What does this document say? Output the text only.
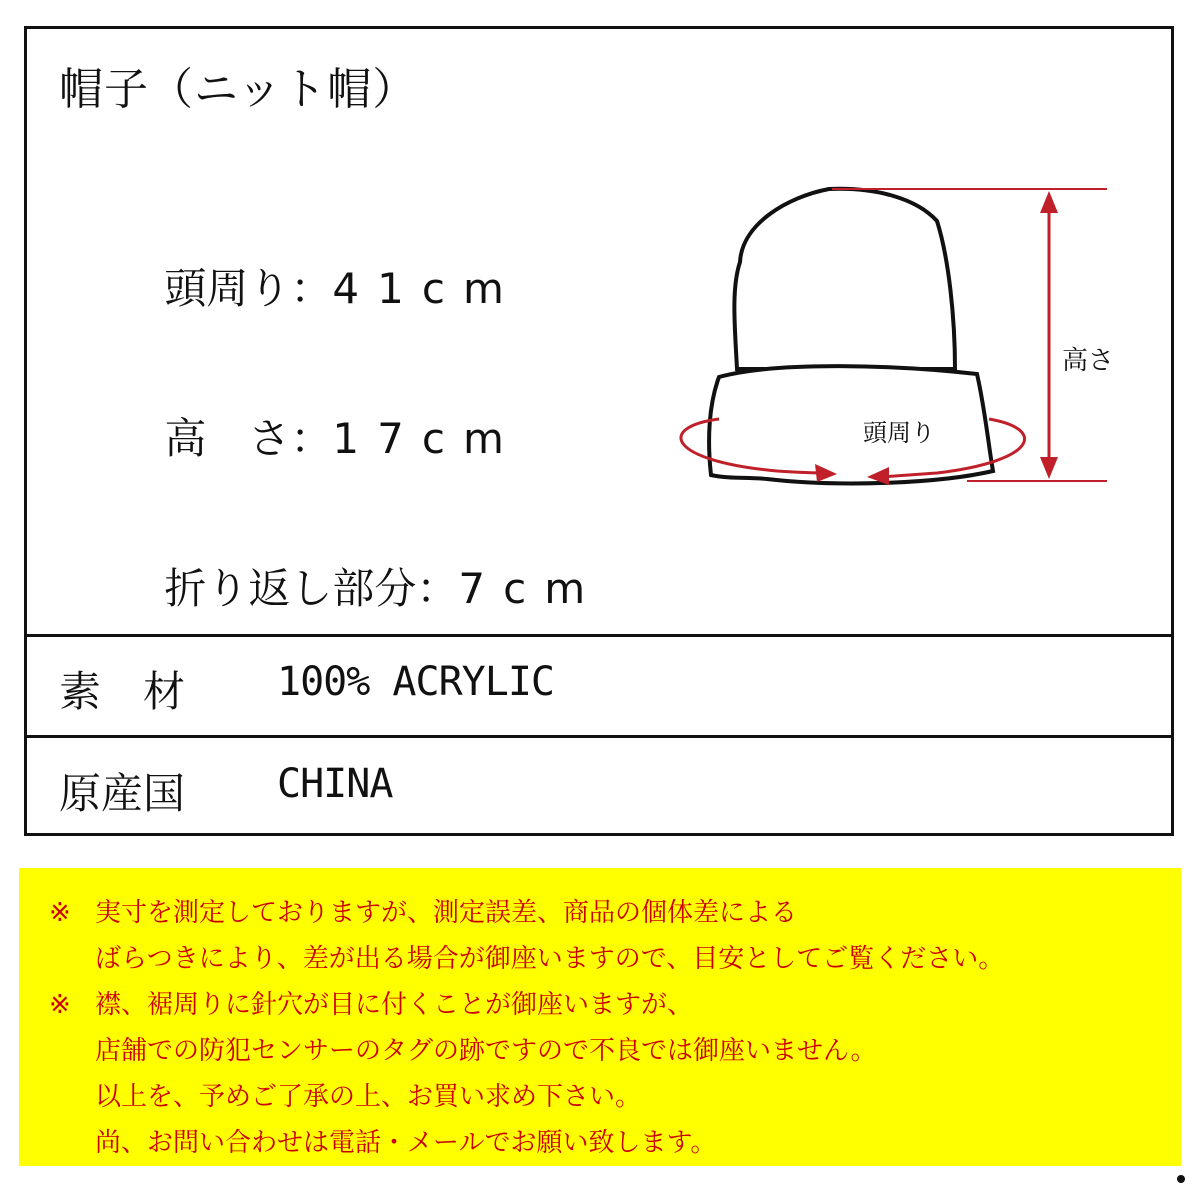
帽子（ニット帽）

頭周り：41cm

高　さ：17cm

折り返し部分：7cm

高さ
頭周り
素　材 100% ACRYLIC
原産国 CHINA
※ 実寸を測定しておりますが、測定誤差、商品の個体差による
ばらつきにより、差が出る場合が御座いますので、目安としてご覧ください。
※ 襟、裾周りに針穴が目に付くことが御座いますが、
店舗での防犯センサーのタグの跡ですので不良では御座いません。
以上を、予めご了承の上、お買い求め下さい。
尚、お問い合わせは電話・メールでお願い致します。
